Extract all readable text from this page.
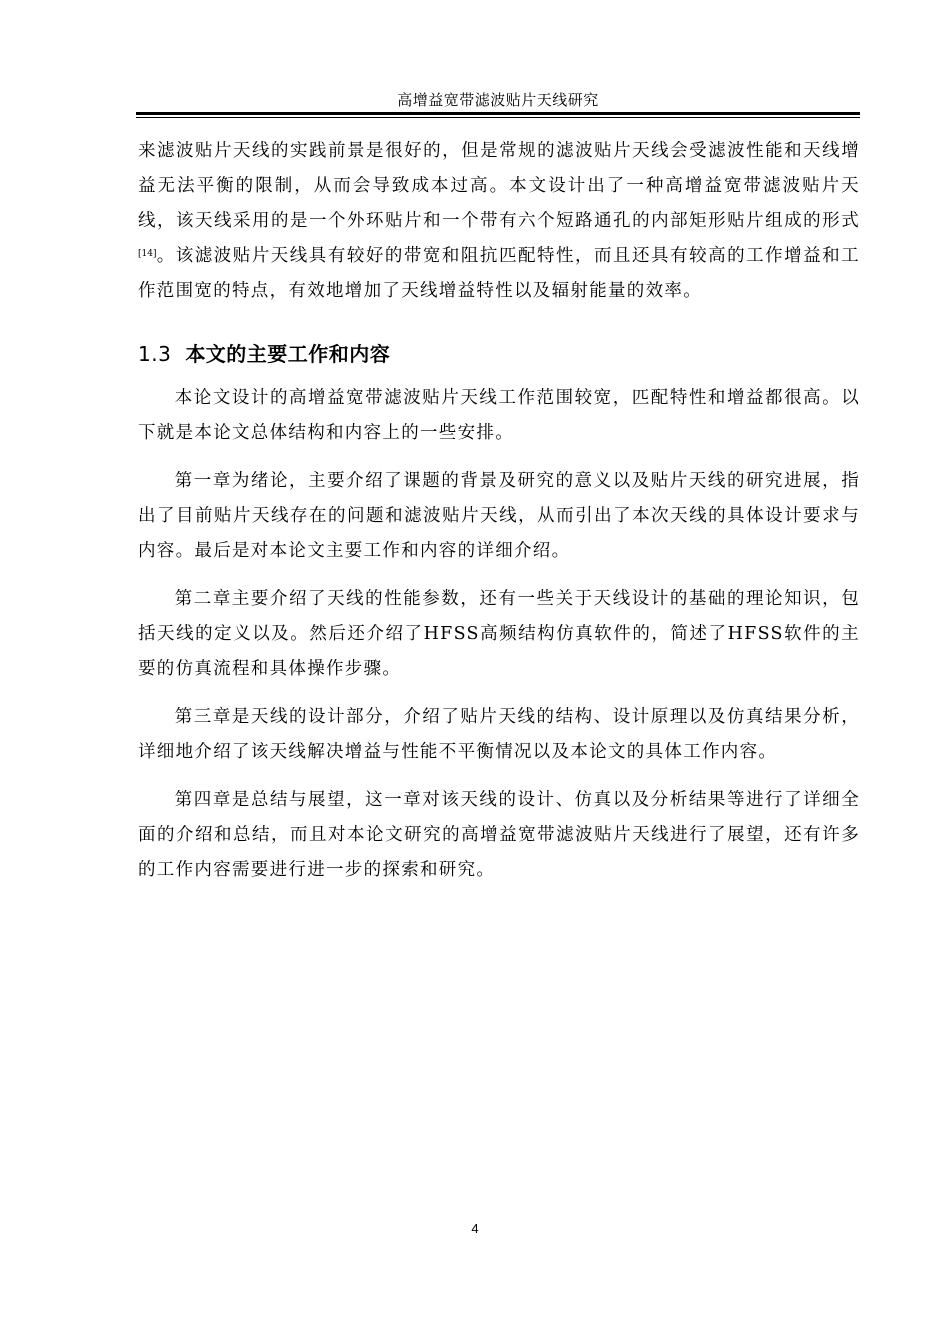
高增益宽带滤波贴片天线研究

来滤波贴片天线的实践前景是很好的，但是常规的滤波贴片天线会受滤波性能和天线增益无法平衡的限制，从而会导致成本过高。本文设计出了一种高增益宽带滤波贴片天线，该天线采用的是一个外环贴片和一个带有六个短路通孔的内部矩形贴片组成的形式[14]。该滤波贴片天线具有较好的带宽和阻抗匹配特性，而且还具有较高的工作增益和工作范围宽的特点，有效地增加了天线增益特性以及辐射能量的效率。

1.3 本文的主要工作和内容

本论文设计的高增益宽带滤波贴片天线工作范围较宽，匹配特性和增益都很高。以下就是本论文总体结构和内容上的一些安排。

第一章为绪论，主要介绍了课题的背景及研究的意义以及贴片天线的研究进展，指出了目前贴片天线存在的问题和滤波贴片天线，从而引出了本次天线的具体设计要求与内容。最后是对本论文主要工作和内容的详细介绍。

第二章主要介绍了天线的性能参数，还有一些关于天线设计的基础的理论知识，包括天线的定义以及。然后还介绍了HFSS高频结构仿真软件的，简述了HFSS软件的主要的仿真流程和具体操作步骤。

第三章是天线的设计部分，介绍了贴片天线的结构、设计原理以及仿真结果分析，详细地介绍了该天线解决增益与性能不平衡情况以及本论文的具体工作内容。

第四章是总结与展望，这一章对该天线的设计、仿真以及分析结果等进行了详细全面的介绍和总结，而且对本论文研究的高增益宽带滤波贴片天线进行了展望，还有许多的工作内容需要进行进一步的探索和研究。

4
